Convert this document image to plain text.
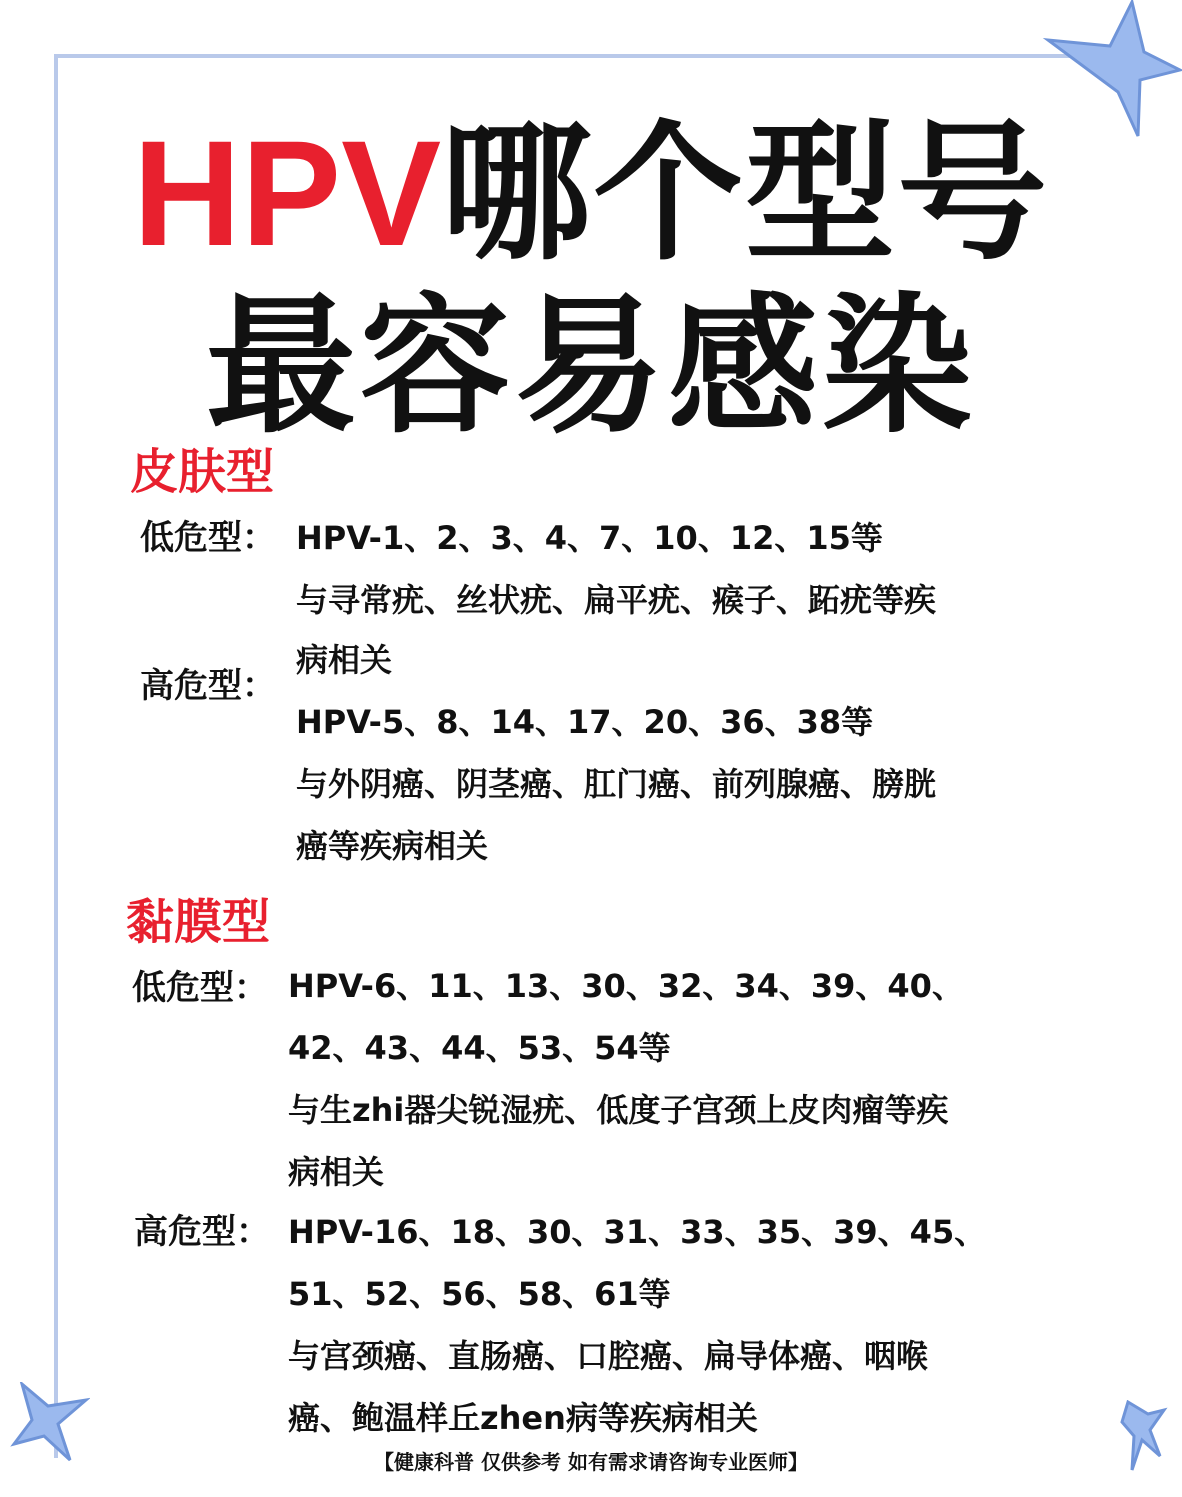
HPV哪个型号
最容易感染
皮肤型
低危型： HPV-1、2、3、4、7、10、12、15等
与寻常疣、丝状疣、扁平疣、瘊子、跖疣等疾
病相关
高危型：
HPV-5、8、14、17、20、36、38等
与外阴癌、阴茎癌、肛门癌、前列腺癌、膀胱
癌等疾病相关
黏膜型
低危型： HPV-6、11、13、30、32、34、39、40、
42、43、44、53、54等
与生zhi器尖锐湿疣、低度子宫颈上皮肉瘤等疾
病相关
高危型： HPV-16、18、30、31、33、35、39、45、
51、52、56、58、61等
与宫颈癌、直肠癌、口腔癌、扁导体癌、咽喉
癌、鲍温样丘zhen病等疾病相关
【健康科普 仅供参考 如有需求请咨询专业医师】
